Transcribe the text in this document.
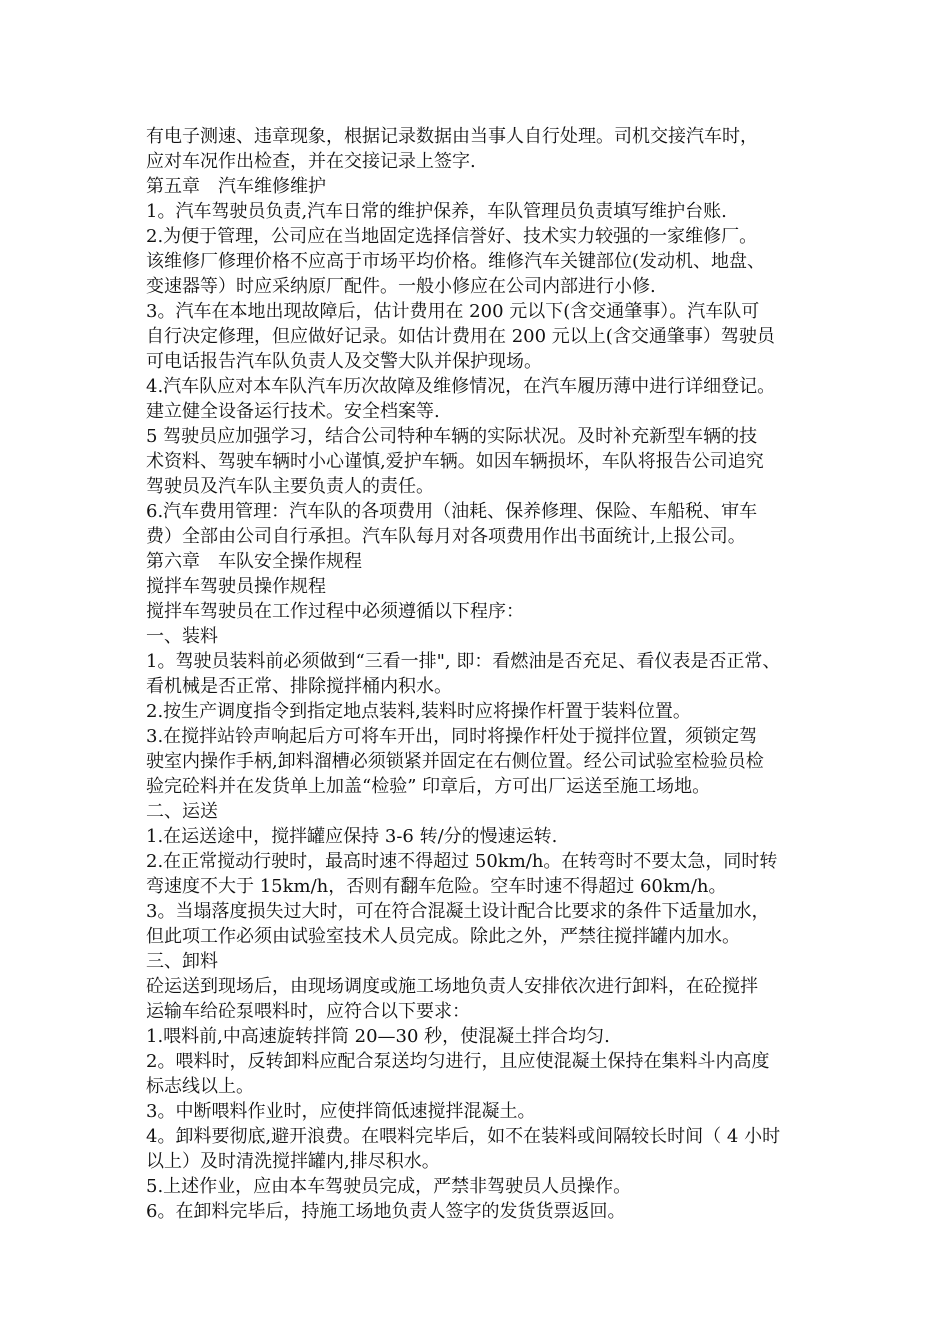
有电子测速、违章现象，根据记录数据由当事人自行处理。司机交接汽车时，
应对车况作出检查，并在交接记录上签字.
第五章　汽车维修维护
1。汽车驾驶员负责,汽车日常的维护保养，车队管理员负责填写维护台账.
2.为便于管理，公司应在当地固定选择信誉好、技术实力较强的一家维修厂。
该维修厂修理价格不应高于市场平均价格。维修汽车关键部位(发动机、地盘、
变速器等）时应采纳原厂配件。一般小修应在公司内部进行小修.
3。汽车在本地出现故障后，估计费用在 200 元以下(含交通肇事）。汽车队可
自行决定修理，但应做好记录。如估计费用在 200 元以上(含交通肇事）驾驶员
可电话报告汽车队负责人及交警大队并保护现场。
4.汽车队应对本车队汽车历次故障及维修情况，在汽车履历薄中进行详细登记。
建立健全设备运行技术。安全档案等.
5 驾驶员应加强学习，结合公司特种车辆的实际状况。及时补充新型车辆的技
术资料、驾驶车辆时小心谨慎,爱护车辆。如因车辆损坏，车队将报告公司追究
驾驶员及汽车队主要负责人的责任。
6.汽车费用管理：汽车队的各项费用（油耗、保养修理、保险、车船税、审车
费）全部由公司自行承担。汽车队每月对各项费用作出书面统计,上报公司。
第六章　车队安全操作规程
搅拌车驾驶员操作规程
搅拌车驾驶员在工作过程中必须遵循以下程序：
一、装料
1。驾驶员装料前必须做到“三看一排", 即：看燃油是否充足、看仪表是否正常、
看机械是否正常、排除搅拌桶内积水。
2.按生产调度指令到指定地点装料,装料时应将操作杆置于装料位置。
3.在搅拌站铃声响起后方可将车开出，同时将操作杆处于搅拌位置，须锁定驾
驶室内操作手柄,卸料溜槽必须锁紧并固定在右侧位置。经公司试验室检验员检
验完砼料并在发货单上加盖“检验” 印章后，方可出厂运送至施工场地。
二、运送
1.在运送途中，搅拌罐应保持 3-6 转/分的慢速运转.
2.在正常搅动行驶时，最高时速不得超过 50km/h。在转弯时不要太急，同时转
弯速度不大于 15km/h，否则有翻车危险。空车时速不得超过 60km/h。
3。当塌落度损失过大时，可在符合混凝土设计配合比要求的条件下适量加水，
但此项工作必须由试验室技术人员完成。除此之外，严禁往搅拌罐内加水。
三、卸料
砼运送到现场后，由现场调度或施工场地负责人安排依次进行卸料，在砼搅拌
运输车给砼泵喂料时，应符合以下要求：
1.喂料前,中高速旋转拌筒 20—30 秒，使混凝土拌合均匀.
2。喂料时，反转卸料应配合泵送均匀进行，且应使混凝土保持在集料斗内高度
标志线以上。
3。中断喂料作业时，应使拌筒低速搅拌混凝土。
4。卸料要彻底,避开浪费。在喂料完毕后，如不在装料或间隔较长时间（ 4 小时
以上）及时清洗搅拌罐内,排尽积水。
5.上述作业，应由本车驾驶员完成，严禁非驾驶员人员操作。
6。在卸料完毕后，持施工场地负责人签字的发货货票返回。
